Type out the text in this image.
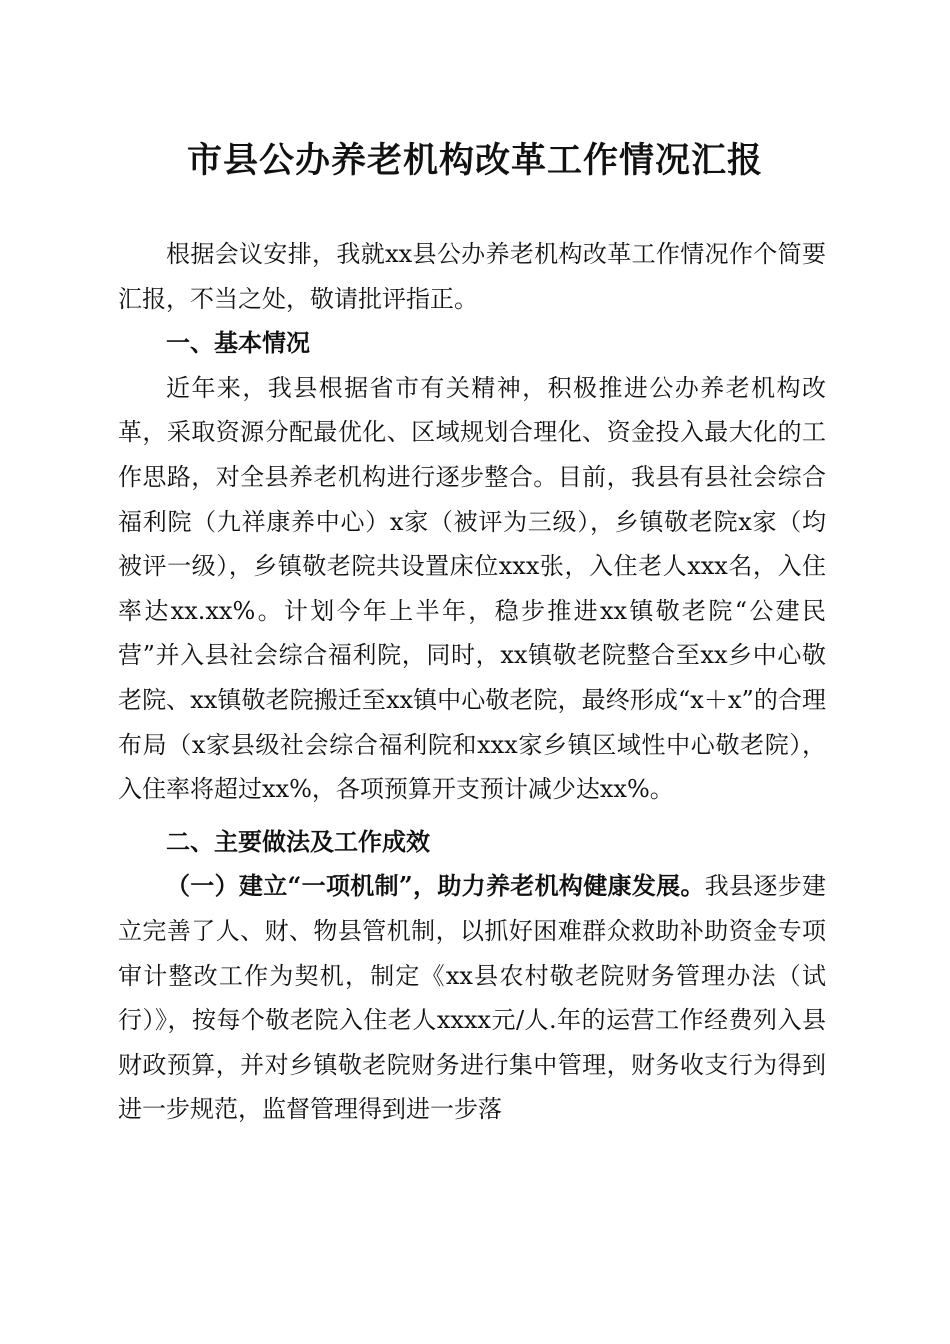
市县公办养老机构改革工作情况汇报

根据会议安排，我就xx县公办养老机构改革工作情况作个简要汇报，不当之处，敬请批评指正。

一、基本情况

近年来，我县根据省市有关精神，积极推进公办养老机构改革，采取资源分配最优化、区域规划合理化、资金投入最大化的工作思路，对全县养老机构进行逐步整合。目前，我县有县社会综合福利院（九祥康养中心）x家（被评为三级），乡镇敬老院x家（均被评一级），乡镇敬老院共设置床位xxx张，入住老人xxx名，入住率达xx.xx%。计划今年上半年，稳步推进xx镇敬老院“公建民营”并入县社会综合福利院，同时，xx镇敬老院整合至xx乡中心敬老院、xx镇敬老院搬迁至xx镇中心敬老院，最终形成“x＋x”的合理布局（x家县级社会综合福利院和xxx家乡镇区域性中心敬老院），入住率将超过xx%，各项预算开支预计减少达xx%。

二、主要做法及工作成效

（一）建立“一项机制”，助力养老机构健康发展。我县逐步建立完善了人、财、物县管机制，以抓好困难群众救助补助资金专项审计整改工作为契机，制定《xx县农村敬老院财务管理办法（试行）》，按每个敬老院入住老人xxxx元/人.年的运营工作经费列入县财政预算，并对乡镇敬老院财务进行集中管理，财务收支行为得到进一步规范，监督管理得到进一步落
